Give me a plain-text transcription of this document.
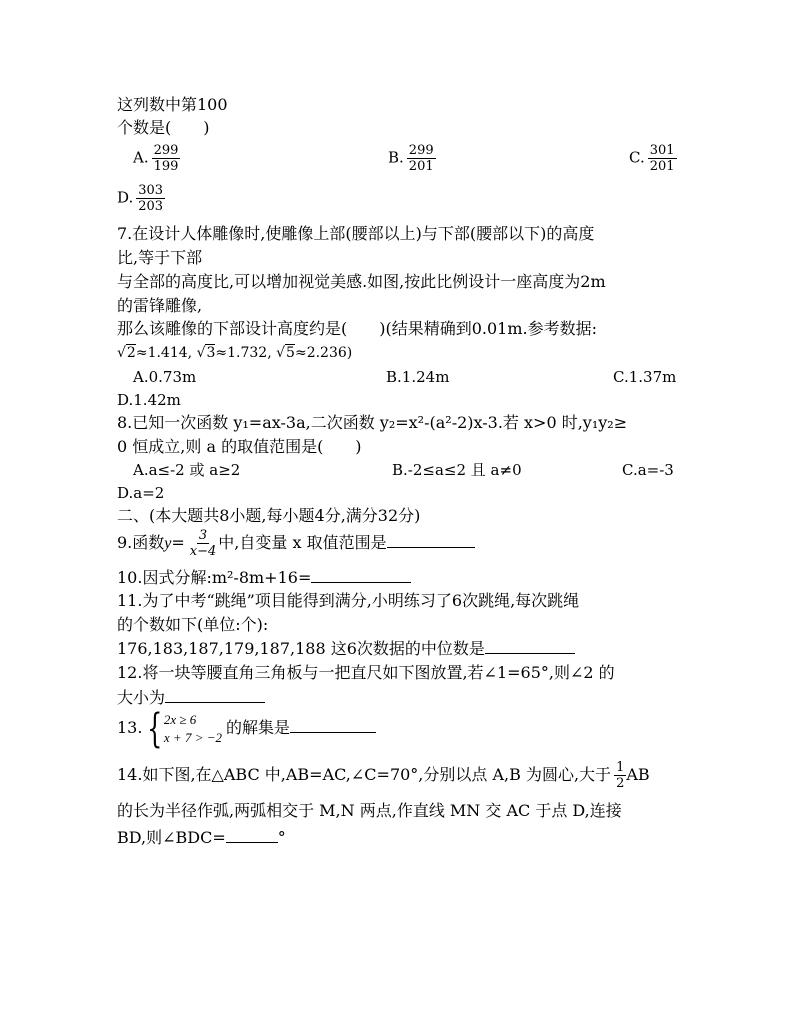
这列数中第100
个数是(　　)
A. $\frac{299}{199}$	B. $\frac{299}{201}$	C. $\frac{301}{201}$
D. $\frac{303}{203}$
7.在设计人体雕像时,使雕像上部(腰部以上)与下部(腰部以下)的高度
比,等于下部
与全部的高度比,可以增加视觉美感.如图,按此比例设计一座高度为2m
的雷锋雕像,
那么该雕像的下部设计高度约是(　　)(结果精确到0.01m.参考数据:
√2≈1.414, √3≈1.732, √5≈2.236)
A.0.73m	B.1.24m	C.1.37m
D.1.42m
8.已知一次函数 y₁=ax-3a,二次函数 y₂=x²-(a²-2)x-3.若 x>0 时,y₁y₂≥
0 恒成立,则 a 的取值范围是(　　)
A.a≤-2 或 a≥2	B.-2≤a≤2 且 a≠0	C.a=-3
D.a=2
二、(本大题共8小题,每小题4分,满分32分)
9.函数$y= \frac{3}{x-4}$ 中,自变量 x 取值范围是
10.因式分解:m²-8m+16=
11.为了中考“跳绳”项目能得到满分,小明练习了6次跳绳,每次跳绳
的个数如下(单位:个):
176,183,187,179,187,188 这6次数据的中位数是
12.将一块等腰直角三角板与一把直尺如下图放置,若∠1=65°,则∠2 的
大小为
13. { 2x ≥ 6
x + 7 > −2 的解集是
14.如下图,在△ABC 中,AB=AC,∠C=70°,分别以点 A,B 为圆心,大于 $\frac{1}{2}$ AB
的长为半径作弧,两弧相交于 M,N 两点,作直线 MN 交 AC 于点 D,连接
BD,则∠BDC=	°
